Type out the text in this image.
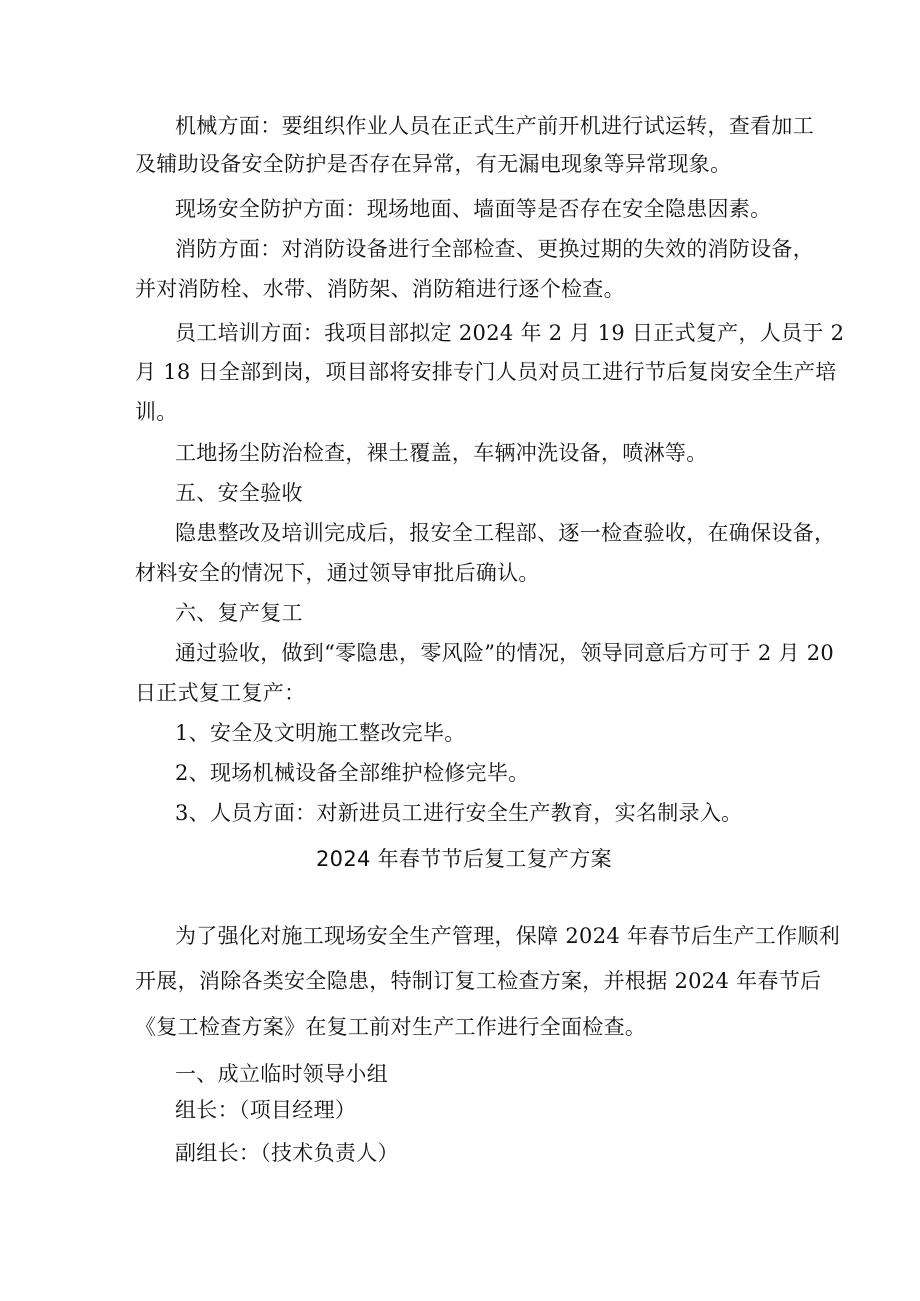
机械方面：要组织作业人员在正式生产前开机进行试运转，查看加工

及辅助设备安全防护是否存在异常，有无漏电现象等异常现象。

现场安全防护方面：现场地面、墙面等是否存在安全隐患因素。

消防方面：对消防设备进行全部检查、更换过期的失效的消防设备，

并对消防栓、水带、消防架、消防箱进行逐个检查。

员工培训方面：我项目部拟定 2024 年 2 月 19 日正式复产，人员于 2

月 18 日全部到岗，项目部将安排专门人员对员工进行节后复岗安全生产培

训。

工地扬尘防治检查，裸土覆盖，车辆冲洗设备，喷淋等。

五、安全验收

隐患整改及培训完成后，报安全工程部、逐一检查验收，在确保设备，

材料安全的情况下，通过领导审批后确认。

六、复产复工

通过验收，做到“零隐患，零风险”的情况，领导同意后方可于 2 月 20

日正式复工复产：

1、安全及文明施工整改完毕。

2、现场机械设备全部维护检修完毕。

3、人员方面：对新进员工进行安全生产教育，实名制录入。

2024 年春节节后复工复产方案

为了强化对施工现场安全生产管理，保障 2024 年春节后生产工作顺利

开展，消除各类安全隐患，特制订复工检查方案，并根据 2024 年春节后

《复工检查方案》在复工前对生产工作进行全面检查。

一、成立临时领导小组

组长：（项目经理）

副组长：（技术负责人）
